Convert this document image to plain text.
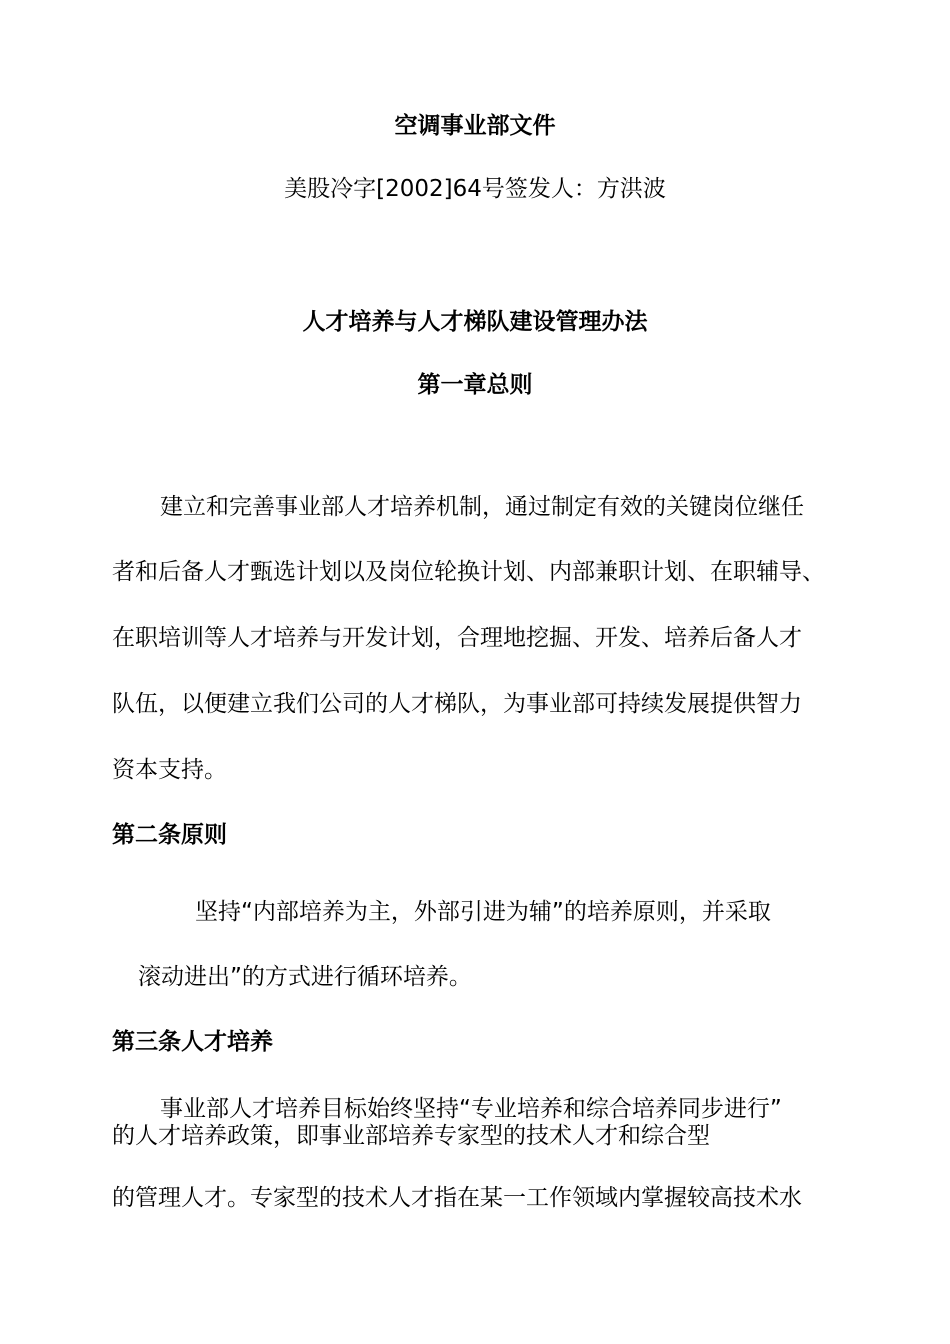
空调事业部文件
美股冷字[2002]64号签发人：方洪波
人才培养与人才梯队建设管理办法
第一章总则
建立和完善事业部人才培养机制，通过制定有效的关键岗位继任
者和后备人才甄选计划以及岗位轮换计划、内部兼职计划、在职辅导、
在职培训等人才培养与开发计划，合理地挖掘、开发、培养后备人才
队伍，以便建立我们公司的人才梯队，为事业部可持续发展提供智力
资本支持。
第二条原则
坚持“内部培养为主，外部引进为辅”的培养原则，并采取
滚动进出”的方式进行循环培养。
第三条人才培养
事业部人才培养目标始终坚持“专业培养和综合培养同步进行”
的人才培养政策，即事业部培养专家型的技术人才和综合型
的管理人才。专家型的技术人才指在某一工作领域内掌握较高技术水
